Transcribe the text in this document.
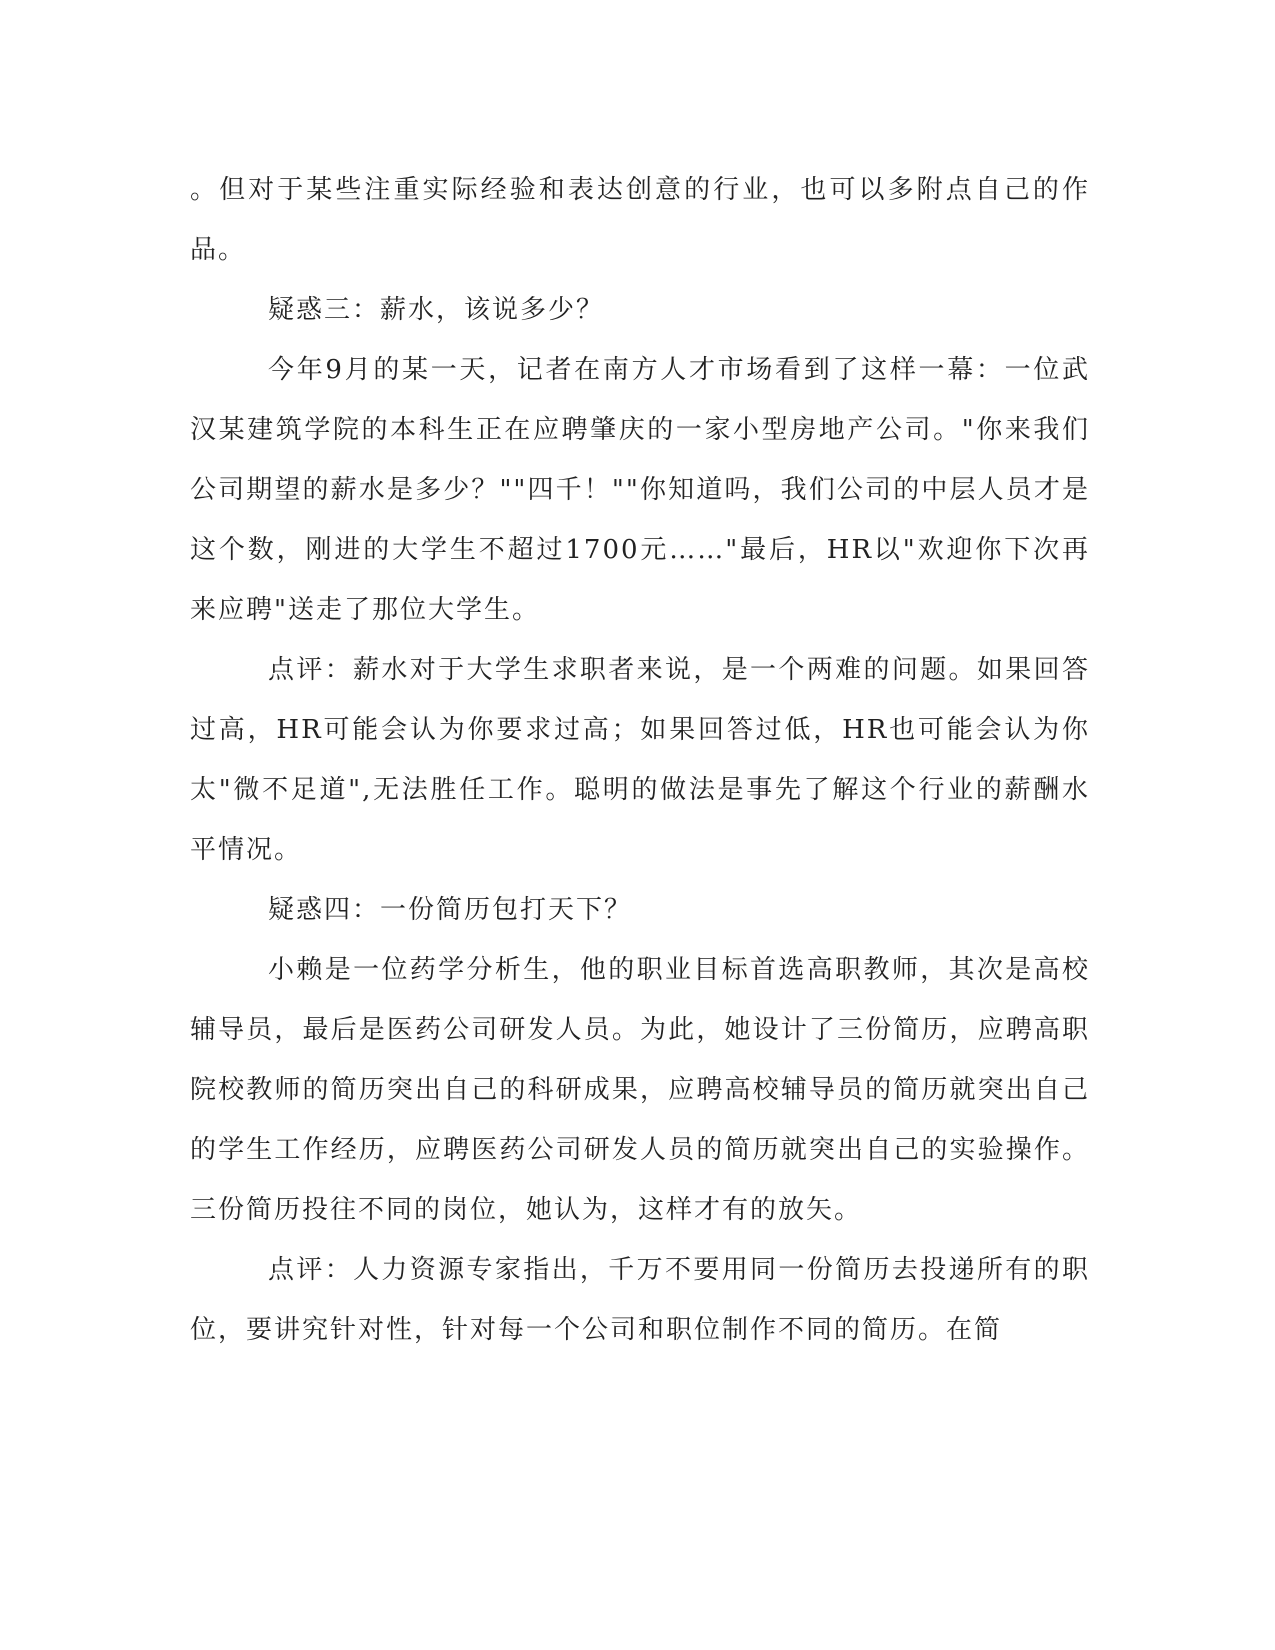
。但对于某些注重实际经验和表达创意的行业，也可以多附点自己的作品。

疑惑三：薪水，该说多少？

今年9月的某一天，记者在南方人才市场看到了这样一幕：一位武汉某建筑学院的本科生正在应聘肇庆的一家小型房地产公司。"你来我们公司期望的薪水是多少？""四千！""你知道吗，我们公司的中层人员才是这个数，刚进的大学生不超过1700元……"最后，HR以"欢迎你下次再来应聘"送走了那位大学生。

点评：薪水对于大学生求职者来说，是一个两难的问题。如果回答过高，HR可能会认为你要求过高；如果回答过低，HR也可能会认为你太"微不足道",无法胜任工作。聪明的做法是事先了解这个行业的薪酬水平情况。

疑惑四：一份简历包打天下？

小赖是一位药学分析生，他的职业目标首选高职教师，其次是高校辅导员，最后是医药公司研发人员。为此，她设计了三份简历，应聘高职院校教师的简历突出自己的科研成果，应聘高校辅导员的简历就突出自己的学生工作经历，应聘医药公司研发人员的简历就突出自己的实验操作。三份简历投往不同的岗位，她认为，这样才有的放矢。

点评：人力资源专家指出，千万不要用同一份简历去投递所有的职位，要讲究针对性，针对每一个公司和职位制作不同的简历。在简
